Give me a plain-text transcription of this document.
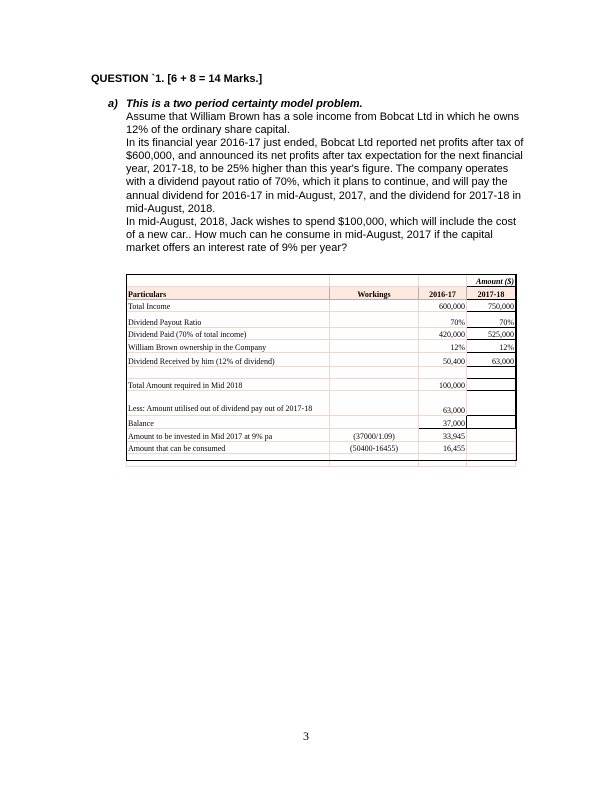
QUESTION `1. [6 + 8 = 14 Marks.]
a) This is a two period certainty model problem.

Assume that William Brown has a sole income from Bobcat Ltd in which he owns 12% of the ordinary share capital.

In its financial year 2016-17 just ended, Bobcat Ltd reported net profits after tax of $600,000, and announced its net profits after tax expectation for the next financial year, 2017-18, to be 25% higher than this year's figure. The company operates with a dividend payout ratio of 70%, which it plans to continue, and will pay the annual dividend for 2016-17 in mid-August, 2017, and the dividend for 2017-18 in mid-August, 2018.

In mid-August, 2018, Jack wishes to spend $100,000, which will include the cost of a new car.. How much can he consume in mid-August, 2017 if the capital market offers an interest rate of 9% per year?

			Amount ($)
Particulars	Workings	2016-17	2017-18
Total Income		600,000	750,000
Dividend Payout Ratio		70%	70%
Dividend Paid (70% of total income)		420,000	525,000
William Brown ownership in the Company		12%	12%
Dividend Received by him (12% of dividend)		50,400	63,000

Total Amount required in Mid 2018		100,000	
Less: Amount utilised out of dividend pay out of 2017-18		63,000	
Balance		37,000	
Amount to be invested in Mid 2017 at 9% pa	(37000/1.09)	33,945	
Amount that can be consumed	(50400-16455)	16,455	

3
